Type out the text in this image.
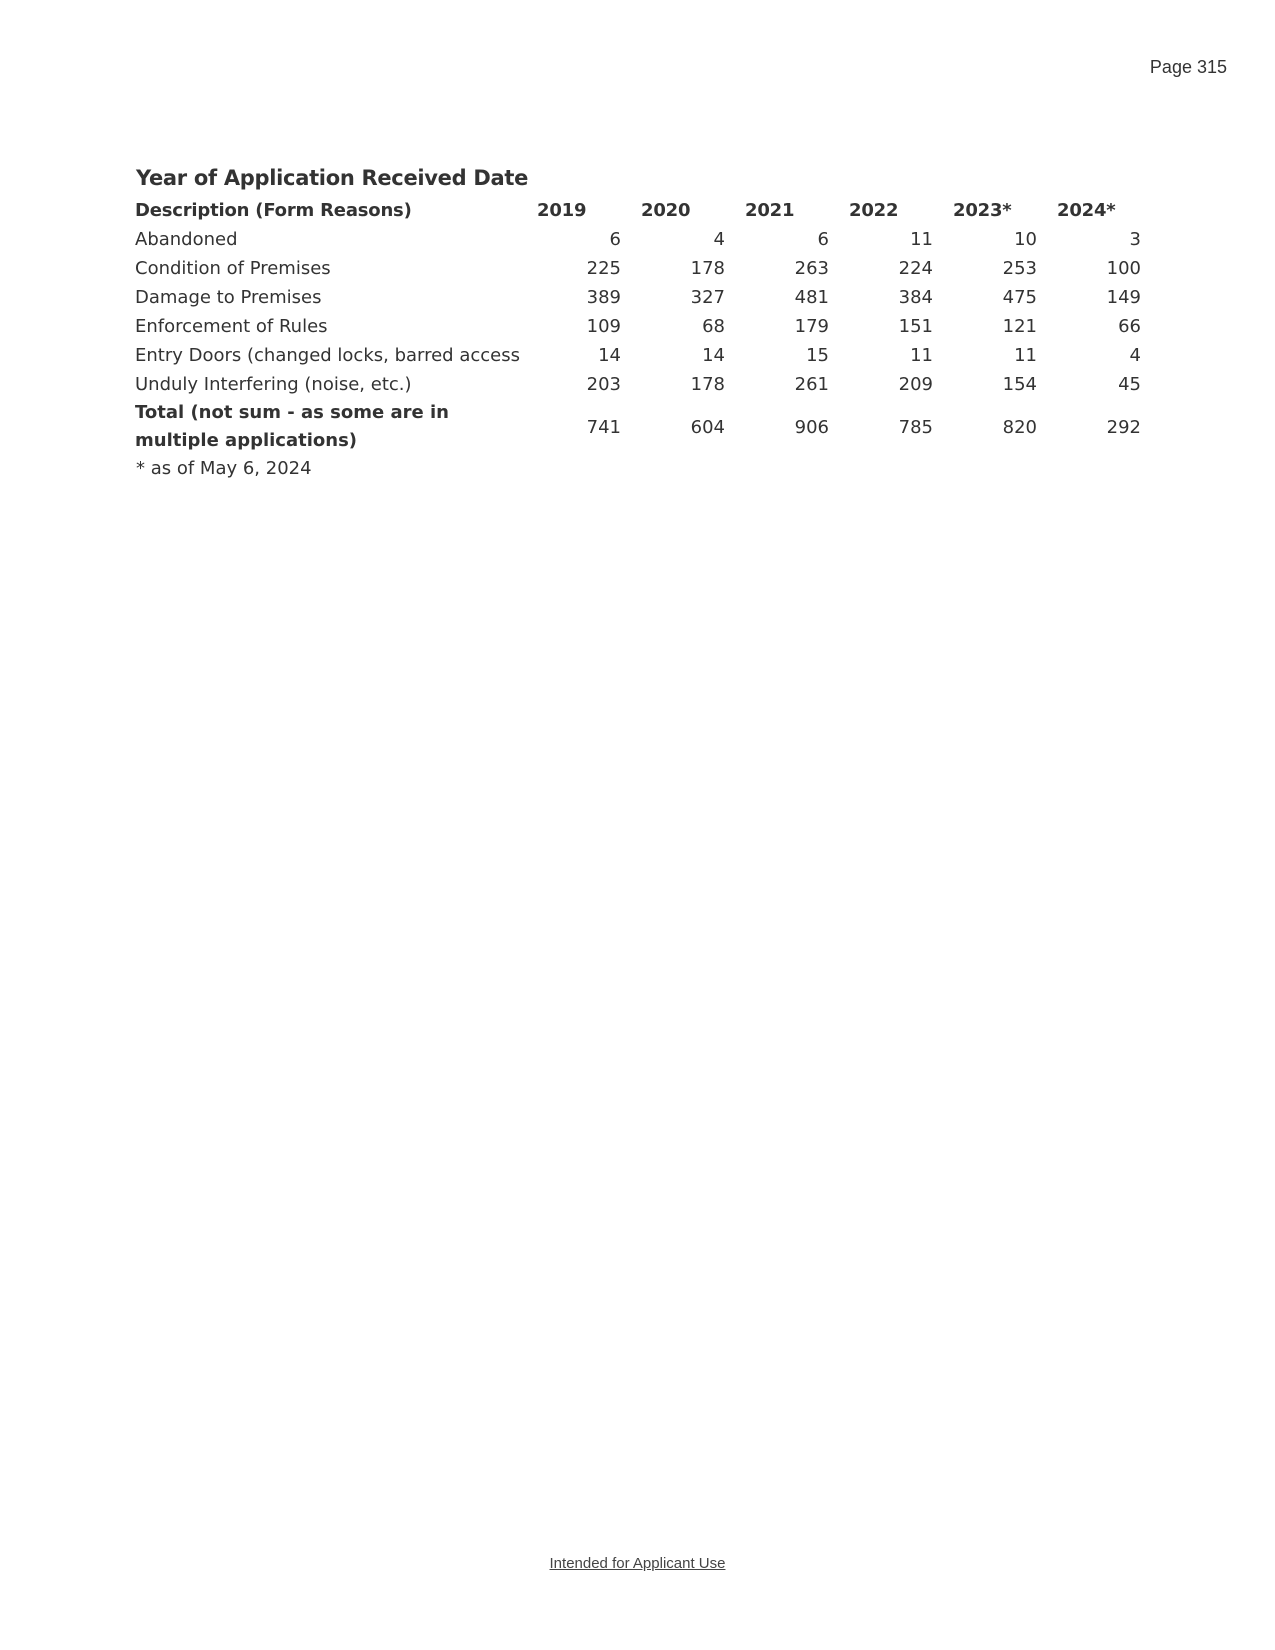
Page 315
Year of Application Received Date
Description (Form Reasons)	2019	2020	2021	2022	2023*	2024*
Abandoned	6	4	6	11	10	3
Condition of Premises	225	178	263	224	253	100
Damage to Premises	389	327	481	384	475	149
Enforcement of Rules	109	68	179	151	121	66
Entry Doors (changed locks, barred access	14	14	15	11	11	4
Unduly Interfering (noise, etc.)	203	178	261	209	154	45
Total (not sum - as some are in multiple applications)	741	604	906	785	820	292
* as of May 6, 2024
Intended for Applicant Use
